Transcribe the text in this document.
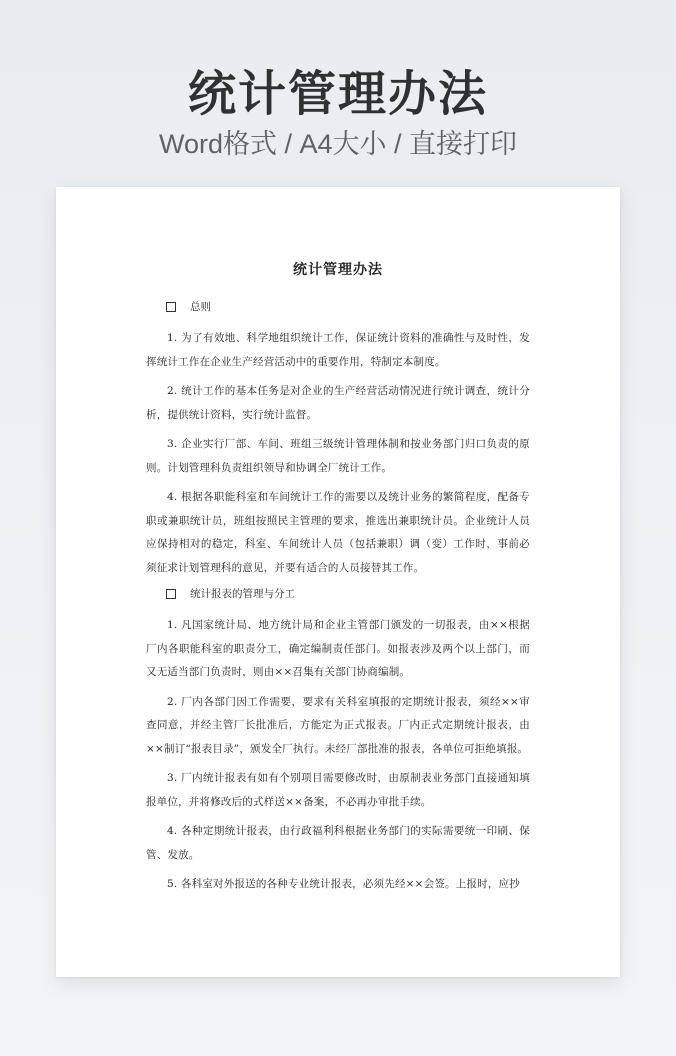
统计管理办法
Word格式 / A4大小 / 直接打印
统计管理办法
总则

1. 为了有效地、科学地组织统计工作，保证统计资料的准确性与及时性，发挥统计工作在企业生产经营活动中的重要作用，特制定本制度。

2. 统计工作的基本任务是对企业的生产经营活动情况进行统计调查，统计分析，提供统计资料，实行统计监督。

3. 企业实行厂部、车间、班组三级统计管理体制和按业务部门归口负责的原则。计划管理科负责组织领导和协调全厂统计工作。

4. 根据各职能科室和车间统计工作的需要以及统计业务的繁简程度，配备专职或兼职统计员，班组按照民主管理的要求，推选出兼职统计员。企业统计人员应保持相对的稳定，科室、车间统计人员（包括兼职）调（变）工作时，事前必须征求计划管理科的意见，并要有适合的人员接替其工作。

统计报表的管理与分工

1. 凡国家统计局、地方统计局和企业主管部门颁发的一切报表，由××根据厂内各职能科室的职责分工，确定编制责任部门。如报表涉及两个以上部门，而又无适当部门负责时，则由××召集有关部门协商编制。

2. 厂内各部门因工作需要，要求有关科室填报的定期统计报表，须经××审查同意，并经主管厂长批准后，方能定为正式报表。厂内正式定期统计报表，由××制订“报表目录”，颁发全厂执行。未经厂部批准的报表，各单位可拒绝填报。

3. 厂内统计报表有如有个别项目需要修改时，由原制表业务部门直接通知填报单位，并将修改后的式样送××备案，不必再办审批手续。

4. 各种定期统计报表，由行政福利科根据业务部门的实际需要统一印刷、保管、发放。

5. 各科室对外报送的各种专业统计报表，必须先经××会签。上报时，应抄
